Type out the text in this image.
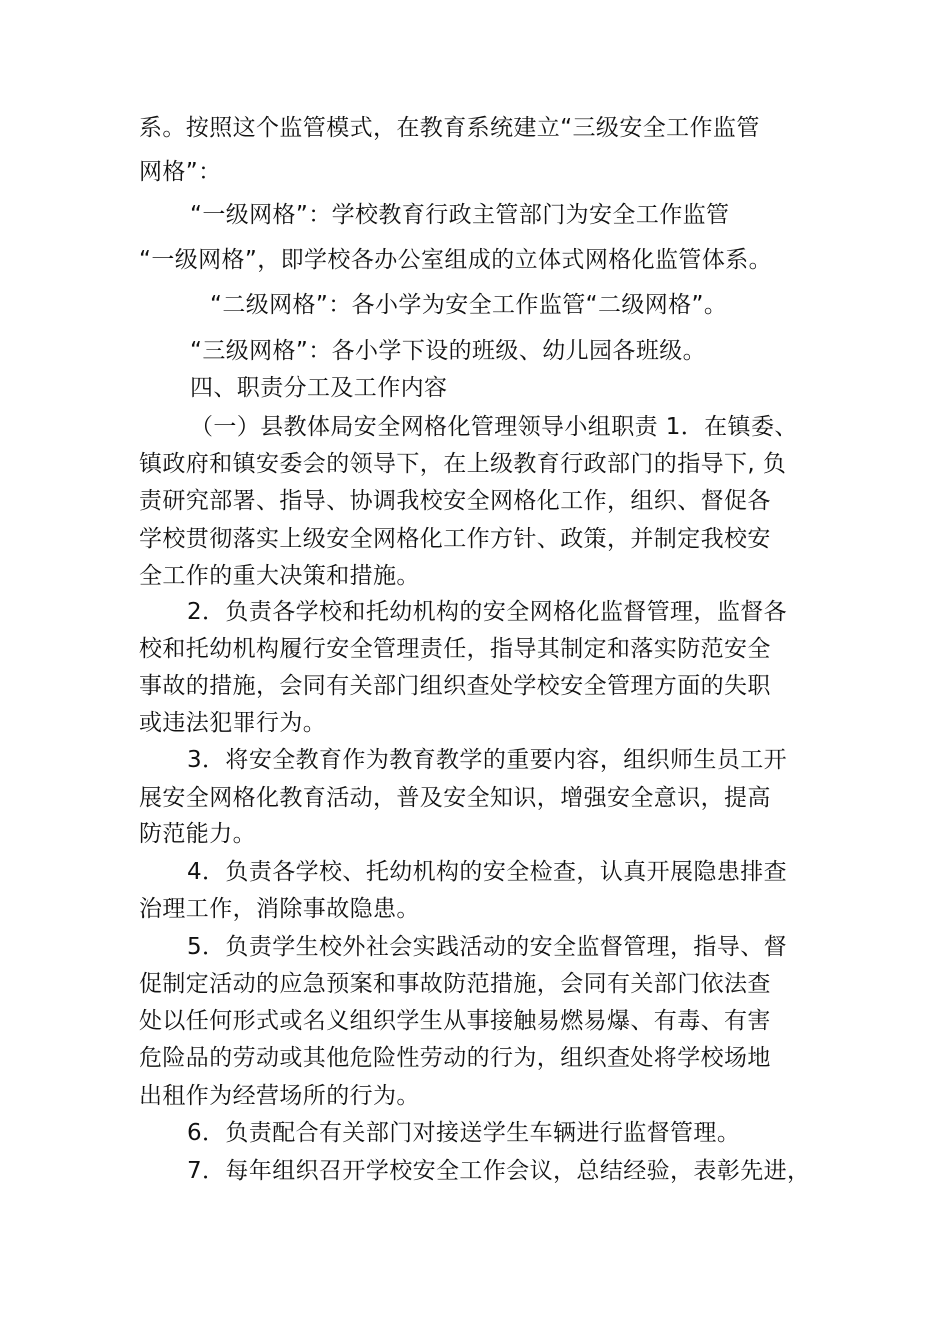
系。按照这个监管模式，在教育系统建立“三级安全工作监管
网格”：
“一级网格”：学校教育行政主管部门为安全工作监管
“一级网格”，即学校各办公室组成的立体式网格化监管体系。
“二级网格”：各小学为安全工作监管“二级网格”。
“三级网格”：各小学下设的班级、幼儿园各班级。
四、职责分工及工作内容
（一）县教体局安全网格化管理领导小组职责 1．在镇委、
镇政府和镇安委会的领导下，在上级教育行政部门的指导下, 负
责研究部署、指导、协调我校安全网格化工作，组织、督促各
学校贯彻落实上级安全网格化工作方针、政策，并制定我校安
全工作的重大决策和措施。
2．负责各学校和托幼机构的安全网格化监督管理，监督各
校和托幼机构履行安全管理责任，指导其制定和落实防范安全
事故的措施，会同有关部门组织查处学校安全管理方面的失职
或违法犯罪行为。
3．将安全教育作为教育教学的重要内容，组织师生员工开
展安全网格化教育活动，普及安全知识，增强安全意识，提高
防范能力。
4．负责各学校、托幼机构的安全检查，认真开展隐患排查
治理工作，消除事故隐患。
5．负责学生校外社会实践活动的安全监督管理，指导、督
促制定活动的应急预案和事故防范措施，会同有关部门依法查
处以任何形式或名义组织学生从事接触易燃易爆、有毒、有害
危险品的劳动或其他危险性劳动的行为，组织查处将学校场地
出租作为经营场所的行为。
6．负责配合有关部门对接送学生车辆进行监督管理。
7．每年组织召开学校安全工作会议，总结经验，表彰先进，
